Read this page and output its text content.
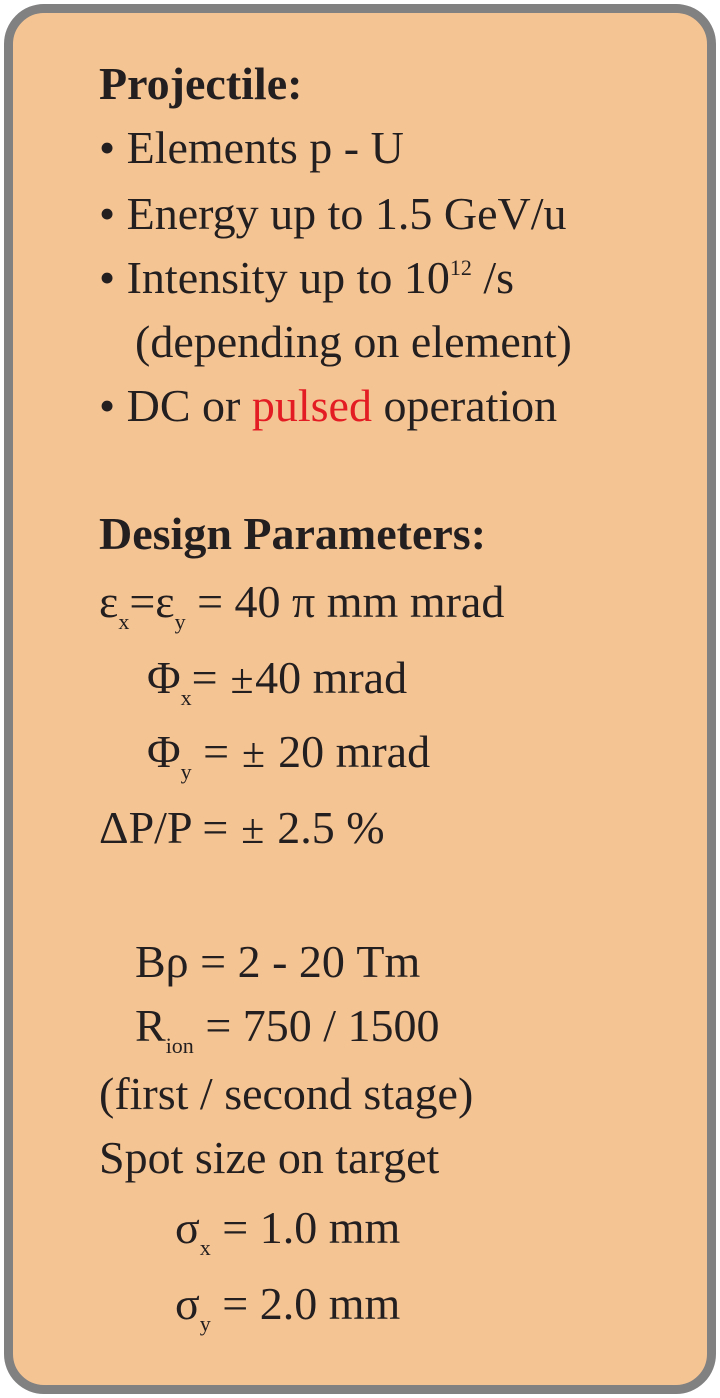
Projectile:

• Elements p - U

• Energy up to 1.5 GeV/u

• Intensity up to $10^{12}$ /s

(depending on element)

• DC or pulsed operation

Design Parameters:

$\varepsilon_x=\varepsilon_y = 40$ π mm mrad

$\Phi_x= \pm 40$ mrad

$\Phi_y$ = ± 20 mrad

ΔP/P = ± 2.5 %

Bρ = 2 - 20 Tm

$R_{ion} = 750 / 1500$

(first / second stage)

Spot size on target

$\sigma_x = 1.0$ mm

$\sigma_y = 2.0$ mm
